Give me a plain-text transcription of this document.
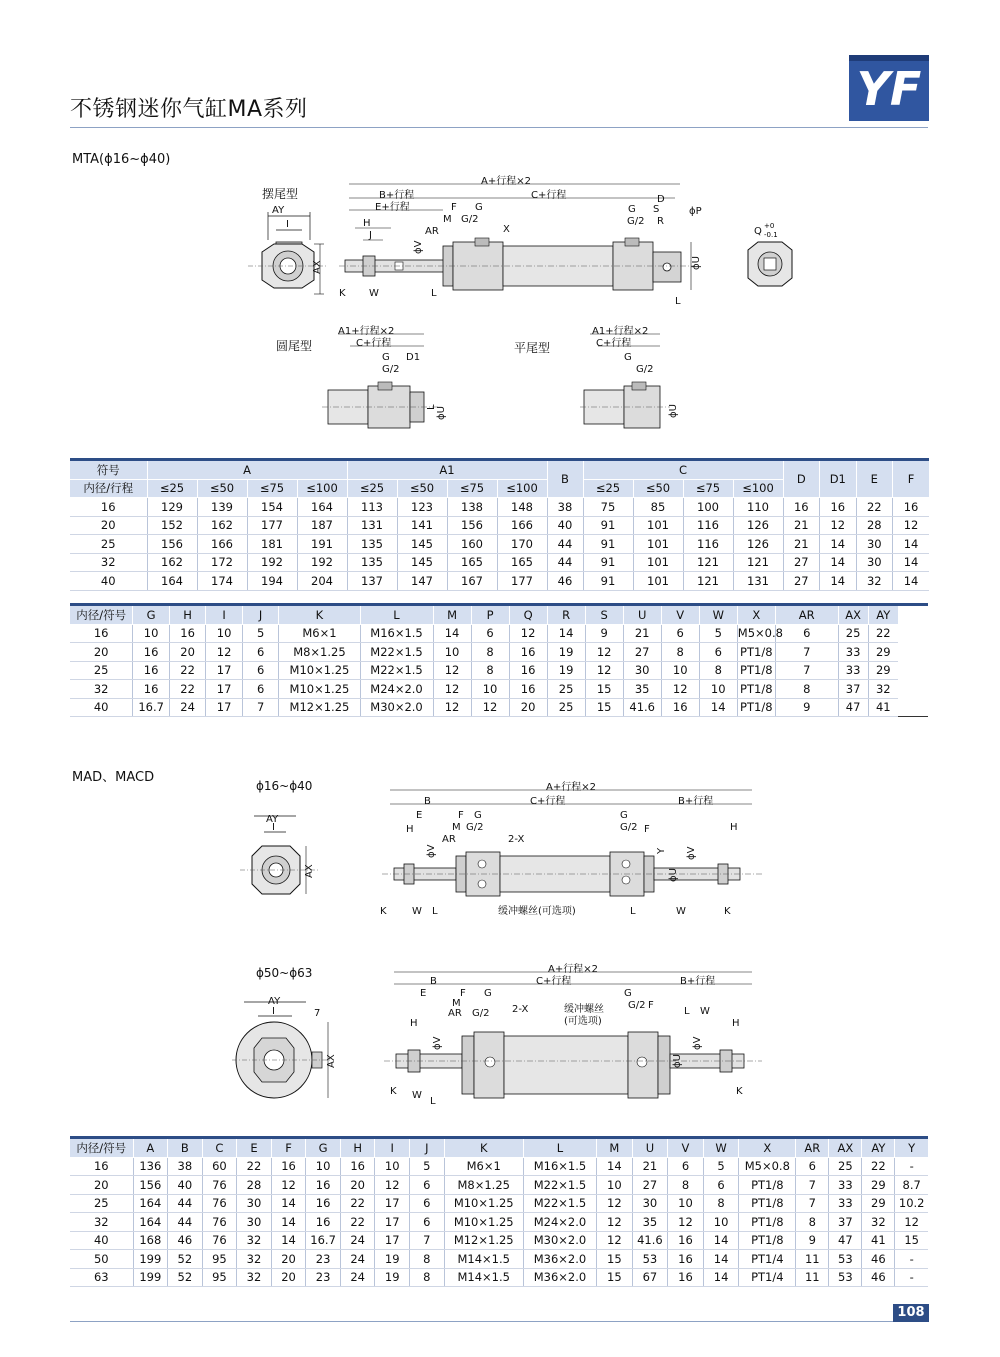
不锈钢迷你气缸MA系列	YF
MTA(ϕ16~ϕ40)
摆尾型
AY
I
AX
A+行程×2
B+行程	C+行程
E+行程	F G
D
G S
M G/2	G/2 R
ϕP
H
J	AR	X
ϕU
ϕV
K W	L
L
Q +0
-0.1
圆尾型
A1+行程×2
C+行程
G D1
G/2
L ϕU
平尾型
A1+行程×2
C+行程
G
G/2
ϕU
符号	A				A1				B	C				D	D1	E	F
内径/行程	≤25	≤50	≤75	≤100	≤25	≤50	≤75	≤100		≤25	≤50	≤75	≤100				
16	129	139	154	164	113	123	138	148	38	75	85	100	110	16	16	22	16
20	152	162	177	187	131	141	156	166	40	91	101	116	126	21	12	28	12
25	156	166	181	191	135	145	160	170	44	91	101	116	126	21	14	30	14
32	162	172	192	192	135	145	165	165	44	91	101	121	121	27	14	30	14
40	164	174	194	204	137	147	167	177	46	91	101	121	131	27	14	32	14
内径/符号	G	H	I	J	K	L	M	P	Q	R	S	U	V	W	X	AR	AX	AY
16	10	16	10	5	M6×1	M16×1.5	14	6	12	14	9	21	6	5	M5×0.8	6	25	22
20	16	20	12	6	M8×1.25	M22×1.5	10	8	16	19	12	27	8	6	PT1/8	7	33	29
25	16	22	17	6	M10×1.25	M22×1.5	12	8	16	19	12	30	10	8	PT1/8	7	33	29
32	16	22	17	6	M10×1.25	M24×2.0	12	10	16	25	15	35	12	10	PT1/8	8	37	32
40	16.7	24	17	7	M12×1.25	M30×2.0	12	12	20	25	15	41.6	16	14	PT1/8	9	47	41
MAD、MACD
ϕ16~ϕ40
ϕ50~ϕ63
AY
I
AX
A+行程×2
B	C+行程	B+行程
E	F G	G
M G/2	G/2 F
H	H
AR	2-X
Y
ϕV	ϕV
ϕU
K	W L	缓冲螺丝(可选项)	L	W	K
AY
I	7
AX
A+行程×2
B	C+行程	B+行程
E	F G	G
M	G/2 F
AR G/2 2-X	缓冲螺丝
(可选项)
L W
H	H
ϕV	ϕV
ϕU
K W
L
K
内径/符号	A	B	C	E	F	G	H	I	J	K	L	M	U	V	W	X	AR	AX	AY	Y
16	136	38	60	22	16	10	16	10	5	M6×1	M16×1.5	14	21	6	5	M5×0.8	6	25	22	-
20	156	40	76	28	12	16	20	12	6	M8×1.25	M22×1.5	10	27	8	6	PT1/8	7	33	29	8.7
25	164	44	76	30	14	16	22	17	6	M10×1.25	M22×1.5	12	30	10	8	PT1/8	7	33	29	10.2
32	164	44	76	30	14	16	22	17	6	M10×1.25	M24×2.0	12	35	12	10	PT1/8	8	37	32	12
40	168	46	76	32	14	16.7	24	17	7	M12×1.25	M30×2.0	12	41.6	16	14	PT1/8	9	47	41	15
50	199	52	95	32	20	23	24	19	8	M14×1.5	M36×2.0	15	53	16	14	PT1/4	11	53	46	-
63	199	52	95	32	20	23	24	19	8	M14×1.5	M36×2.0	15	67	16	14	PT1/4	11	53	46	-
108
